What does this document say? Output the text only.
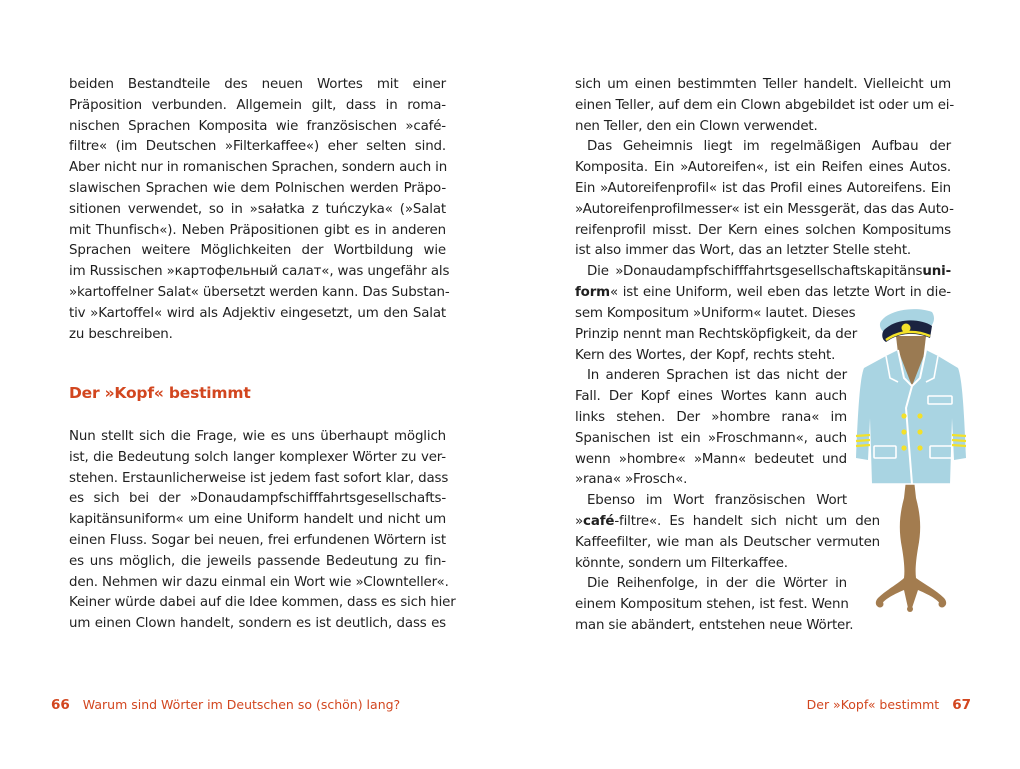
beiden Bestandteile des neuen Wortes mit einer
Präposition verbunden. Allgemein gilt, dass in roma-
nischen Sprachen Komposita wie französischen »café-
filtre« (im Deutschen »Filterkaffee«) eher selten sind.
Aber nicht nur in romanischen Sprachen, sondern auch in
slawischen Sprachen wie dem Polnischen werden Präpo-
sitionen verwendet, so in »sałatka z tuńczyka« (»Salat
mit Thunfisch«). Neben Präpositionen gibt es in anderen
Sprachen weitere Möglichkeiten der Wortbildung wie
im Russischen »картофельный салат«, was ungefähr als
»kartoffelner Salat« übersetzt werden kann. Das Substan-
tiv »Kartoffel« wird als Adjektiv eingesetzt, um den Salat
zu beschreiben.
Der »Kopf« bestimmt
Nun stellt sich die Frage, wie es uns überhaupt möglich
ist, die Bedeutung solch langer komplexer Wörter zu ver-
stehen. Erstaunlicherweise ist jedem fast sofort klar, dass
es sich bei der »Donaudampfschifffahrtsgesellschafts-
kapitänsuniform« um eine Uniform handelt und nicht um
einen Fluss. Sogar bei neuen, frei erfundenen Wörtern ist
es uns möglich, die jeweils passende Bedeutung zu fin-
den. Nehmen wir dazu einmal ein Wort wie »Clownteller«.
Keiner würde dabei auf die Idee kommen, dass es sich hier
um einen Clown handelt, sondern es ist deutlich, dass es
66 Warum sind Wörter im Deutschen so (schön) lang?
sich um einen bestimmten Teller handelt. Vielleicht um
einen Teller, auf dem ein Clown abgebildet ist oder um ei-
nen Teller, den ein Clown verwendet.
Das Geheimnis liegt im regelmäßigen Aufbau der
Komposita. Ein »Autoreifen«, ist ein Reifen eines Autos.
Ein »Autoreifenprofil« ist das Profil eines Autoreifens. Ein
»Autoreifenprofilmesser« ist ein Messgerät, das das Auto-
reifenprofil misst. Der Kern eines solchen Kompositums
ist also immer das Wort, das an letzter Stelle steht.
Die »Donaudampfschifffahrtsgesellschaftskapitänsuni-
form« ist eine Uniform, weil eben das letzte Wort in die-
sem Kompositum »Uniform« lautet. Dieses
Prinzip nennt man Rechtsköpfigkeit, da der
Kern des Wortes, der Kopf, rechts steht.
In anderen Sprachen ist das nicht der
Fall. Der Kopf eines Wortes kann auch
links stehen. Der »hombre rana« im
Spanischen ist ein »Froschmann«, auch
wenn »hombre« »Mann« bedeutet und
»rana« »Frosch«.
Ebenso im Wort französischen Wort
»café-filtre«. Es handelt sich nicht um den
Kaffeefilter, wie man als Deutscher vermuten
könnte, sondern um Filterkaffee.
Die Reihenfolge, in der die Wörter in
einem Kompositum stehen, ist fest. Wenn
man sie abändert, entstehen neue Wörter.
Der »Kopf« bestimmt 67
